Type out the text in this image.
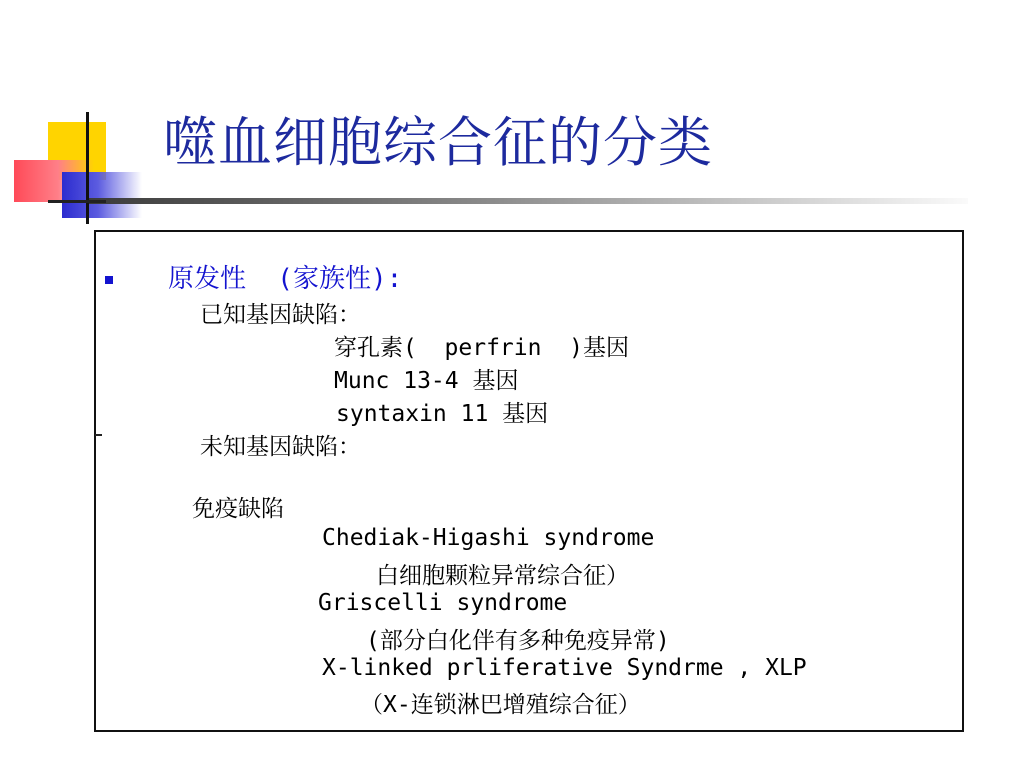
噬血细胞综合征的分类

原发性  (家族性):

已知基因缺陷：

穿孔素(  perfrin  )基因

Munc 13-4 基因

syntaxin 11 基因

未知基因缺陷：

免疫缺陷

Chediak-Higashi syndrome

白细胞颗粒异常综合征）

Griscelli syndrome

(部分白化伴有多种免疫异常)

X-linked prliferative Syndrme , XLP

（X-连锁淋巴增殖综合征）
